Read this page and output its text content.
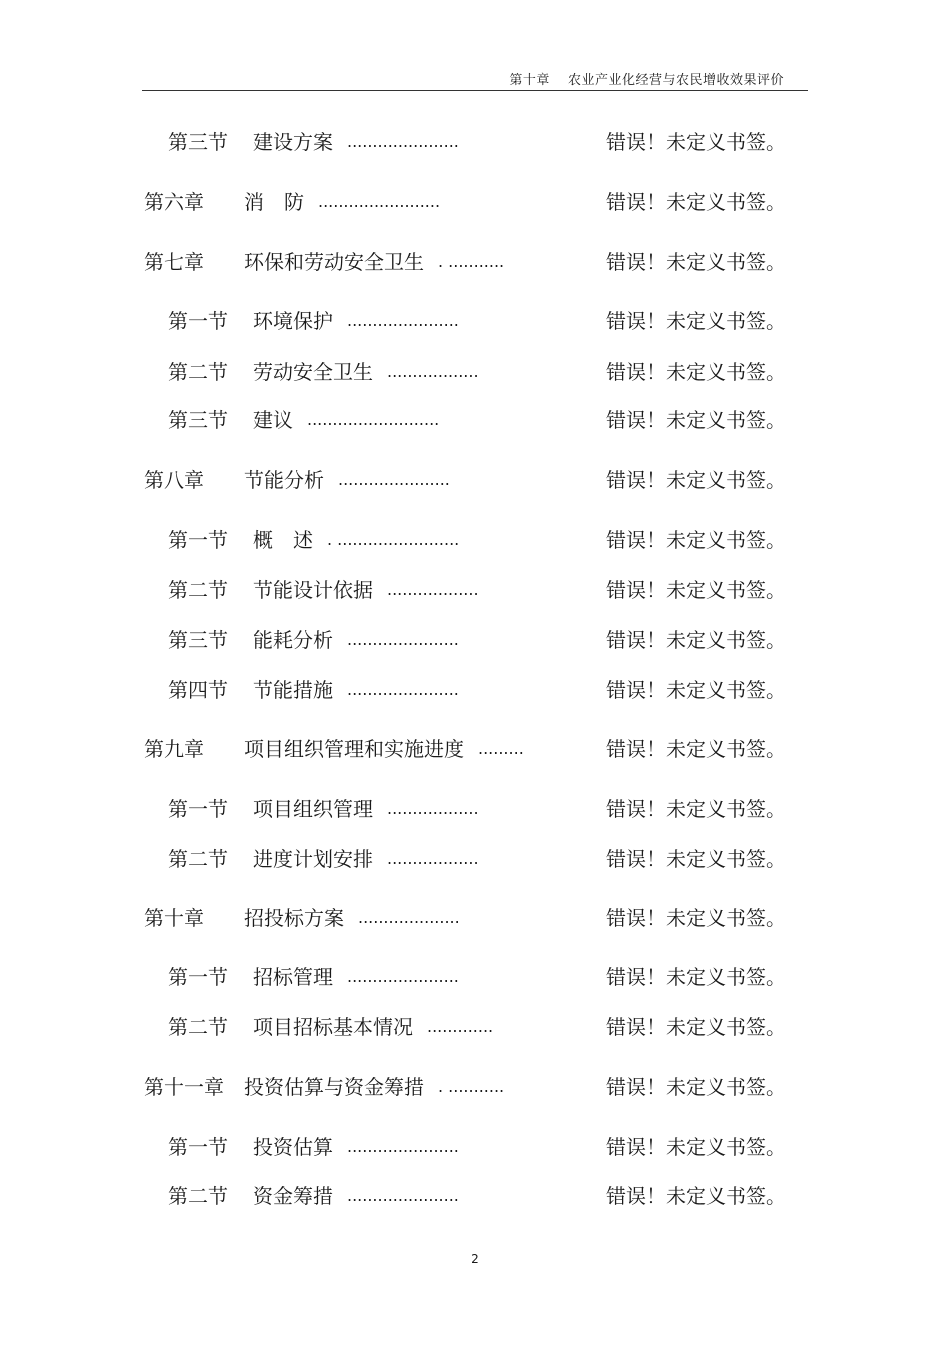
第十章　 农业产业化经营与农民增收效果评价
第三节 建设方案 ......................	错误！未定义书签。
第六章 消　防 ........................	错误！未定义书签。
第七章 环保和劳动安全卫生 . ...........	错误！未定义书签。
第一节 环境保护 ......................	错误！未定义书签。
第二节 劳动安全卫生 ..................	错误！未定义书签。
第三节 建议 ..........................	错误！未定义书签。
第八章 节能分析 ......................	错误！未定义书签。
第一节 概　述 . ........................	错误！未定义书签。
第二节 节能设计依据 ..................	错误！未定义书签。
第三节 能耗分析 ......................	错误！未定义书签。
第四节 节能措施 ......................	错误！未定义书签。
第九章 项目组织管理和实施进度 .........	错误！未定义书签。
第一节 项目组织管理 ..................	错误！未定义书签。
第二节 进度计划安排 ..................	错误！未定义书签。
第十章 招投标方案 ....................	错误！未定义书签。
第一节 招标管理 ......................	错误！未定义书签。
第二节 项目招标基本情况 .............	错误！未定义书签。
第十一章 投资估算与资金筹措 . ...........	错误！未定义书签。
第一节 投资估算 ......................	错误！未定义书签。
第二节 资金筹措 ......................	错误！未定义书签。
2
